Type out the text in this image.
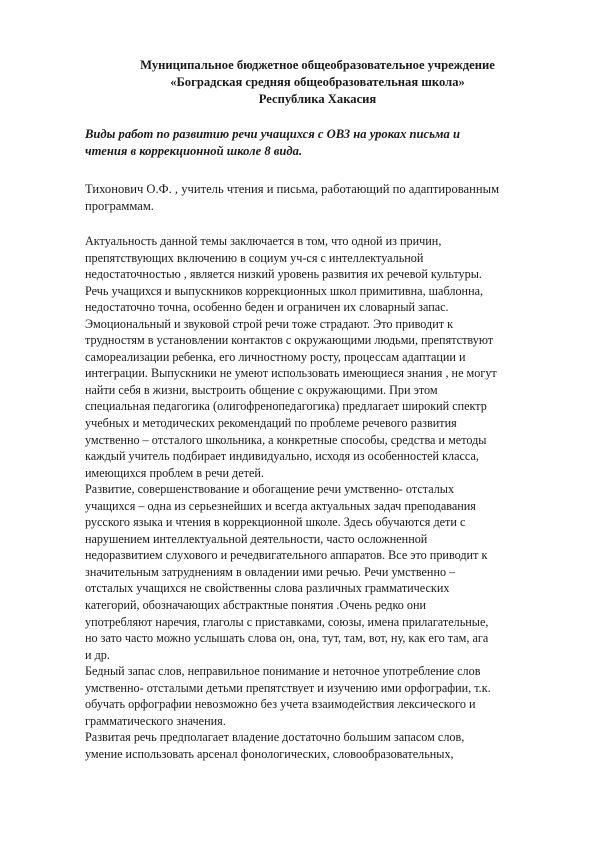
Муниципальное бюджетное общеобразовательное учреждение
«Боградская средняя общеобразовательная школа»
Республика Хакасия
Виды работ по развитию речи учащихся с ОВЗ на уроках письма и
чтения в коррекционной школе 8 вида.
Тихонович О.Ф. , учитель чтения и письма, работающий по адаптированным
программам.
Актуальность данной темы заключается в том, что одной из причин,
препятствующих включению в социум уч-ся с интеллектуальной
недостаточностью , является низкий уровень развития их речевой культуры.
Речь учащихся и выпускников коррекционных школ примитивна, шаблонна,
недостаточно точна, особенно беден и ограничен их словарный запас.
Эмоциональный и звуковой строй речи тоже страдают. Это приводит к
трудностям в установлении контактов с окружающими людьми, препятствуют
самореализации ребенка, его личностному росту, процессам адаптации и
интеграции. Выпускники не умеют использовать имеющиеся знания , не могут
найти себя в жизни, выстроить общение с окружающими. При этом
специальная педагогика (олигофренопедагогика) предлагает широкий спектр
учебных и методических рекомендаций по проблеме речевого развития
умственно – отсталого школьника, а конкретные способы, средства и методы
каждый учитель подбирает индивидуально, исходя из особенностей класса,
имеющихся проблем в речи детей.
Развитие, совершенствование и обогащение речи умственно- отсталых
учащихся – одна из серьезнейших и всегда актуальных задач преподавания
русского языка и чтения в коррекционной школе. Здесь обучаются дети с
нарушением интеллектуальной деятельности, часто осложненной
недоразвитием слухового и речедвигательного аппаратов. Все это приводит к
значительным затруднениям в овладении ими речью. Речи умственно –
отсталых учащихся не свойственны слова различных грамматических
категорий, обозначающих абстрактные понятия .Очень редко они
употребляют наречия, глаголы с приставками, союзы, имена прилагательные,
но зато часто можно услышать слова он, она, тут, там, вот, ну, как его там, ага
и др.
Бедный запас слов, неправильное понимание и неточное употребление слов
умственно- отсталыми детьми препятствует и изучению ими орфографии, т.к.
обучать орфографии невозможно без учета взаимодействия лексического и
грамматического значения.
Развитая речь предполагает владение достаточно большим запасом слов,
умение использовать арсенал фонологических, словообразовательных,
